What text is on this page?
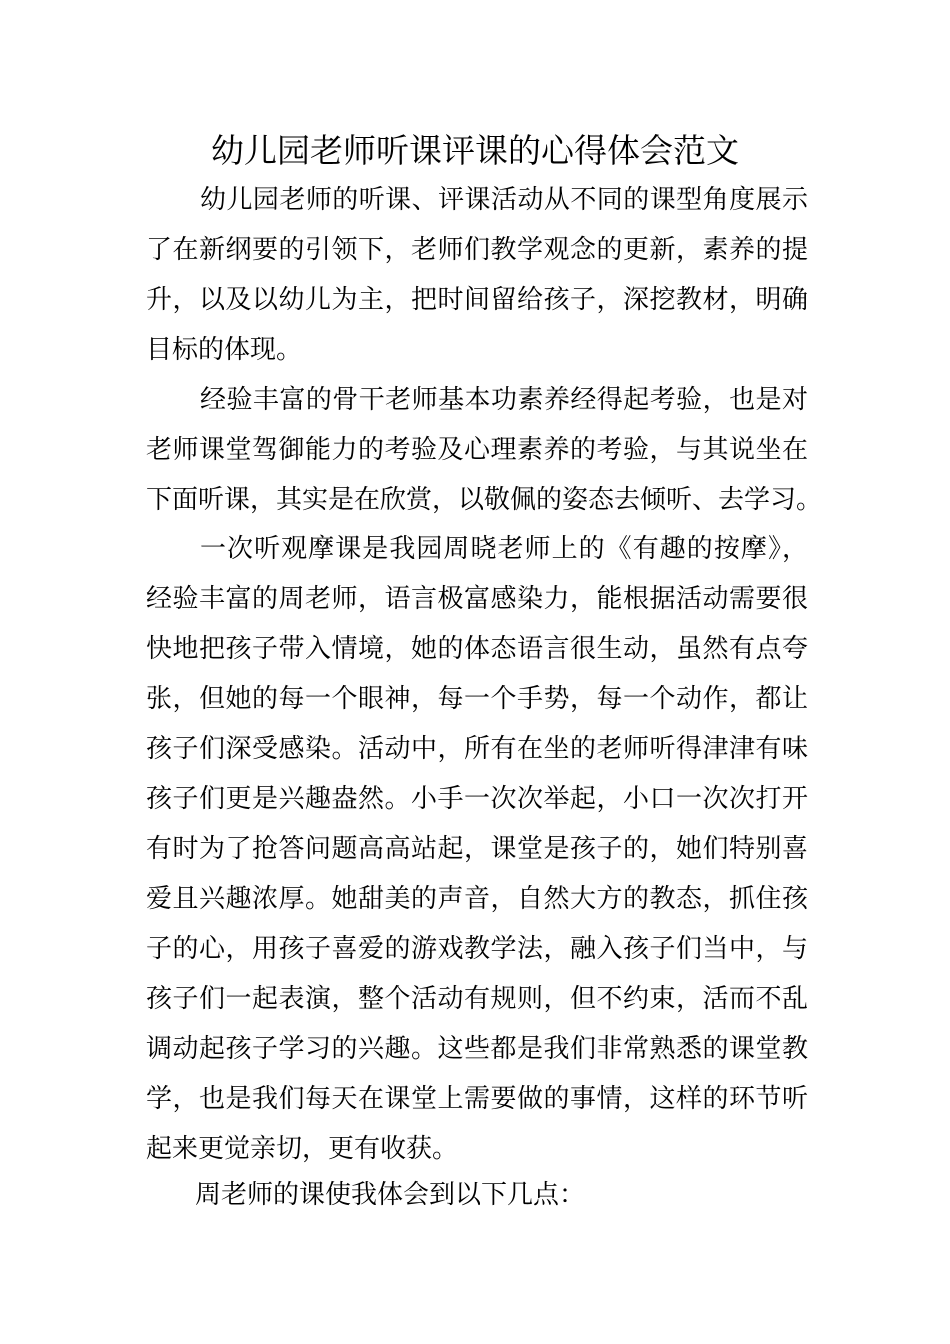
幼儿园老师听课评课的心得体会范文
幼儿园老师的听课、评课活动从不同的课型角度展示
了在新纲要的引领下，老师们教学观念的更新，素养的提
升，以及以幼儿为主，把时间留给孩子，深挖教材，明确
目标的体现。
经验丰富的骨干老师基本功素养经得起考验，也是对
老师课堂驾御能力的考验及心理素养的考验，与其说坐在
下面听课，其实是在欣赏，以敬佩的姿态去倾听、去学习。
一次听观摩课是我园周晓老师上的《有趣的按摩》，
经验丰富的周老师，语言极富感染力，能根据活动需要很
快地把孩子带入情境，她的体态语言很生动，虽然有点夸
张，但她的每一个眼神，每一个手势，每一个动作，都让
孩子们深受感染。活动中，所有在坐的老师听得津津有味
孩子们更是兴趣盎然。小手一次次举起，小口一次次打开
有时为了抢答问题高高站起，课堂是孩子的，她们特别喜
爱且兴趣浓厚。她甜美的声音，自然大方的教态，抓住孩
子的心，用孩子喜爱的游戏教学法，融入孩子们当中，与
孩子们一起表演，整个活动有规则，但不约束，活而不乱
调动起孩子学习的兴趣。这些都是我们非常熟悉的课堂教
学，也是我们每天在课堂上需要做的事情，这样的环节听
起来更觉亲切，更有收获。
周老师的课使我体会到以下几点：
